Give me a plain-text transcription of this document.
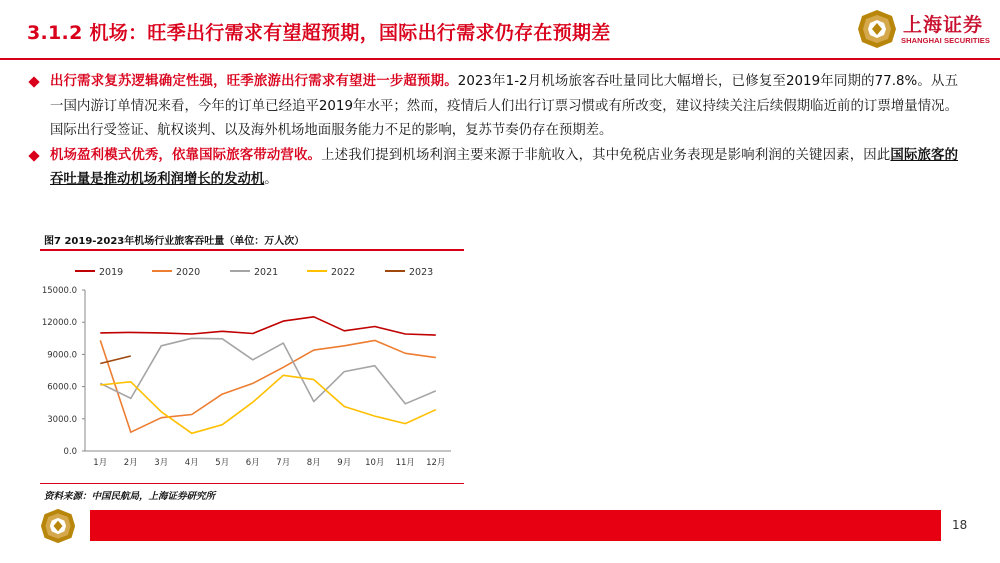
3.1.2 机场：旺季出行需求有望超预期，国际出行需求仍存在预期差	上海证券
SHANGHAI SECURITIES
出行需求复苏逻辑确定性强，旺季旅游出行需求有望进一步超预期。2023年1-2月机场旅客吞吐量同比大幅增长，已修复至2019年同期的77.8%。从五一国内游订单情况来看，今年的订单已经追平2019年水平；然而，疫情后人们出行订票习惯或有所改变，建议持续关注后续假期临近前的订票增量情况。国际出行受签证、航权谈判、以及海外机场地面服务能力不足的影响，复苏节奏仍存在预期差。
机场盈利模式优秀，依靠国际旅客带动营收。上述我们提到机场利润主要来源于非航收入，其中免税店业务表现是影响利润的关键因素，因此国际旅客的吞吐量是推动机场利润增长的发动机。
图7 2019-2023年机场行业旅客吞吐量（单位：万人次）
0.0
3000.0
6000.0
9000.0
12000.0
15000.0
1月 2月 3月 4月 5月 6月 7月 8月 9月 10月 11月 12月
2019	2020	2021	2022	2023
资料来源：中国民航局，上海证券研究所
18
